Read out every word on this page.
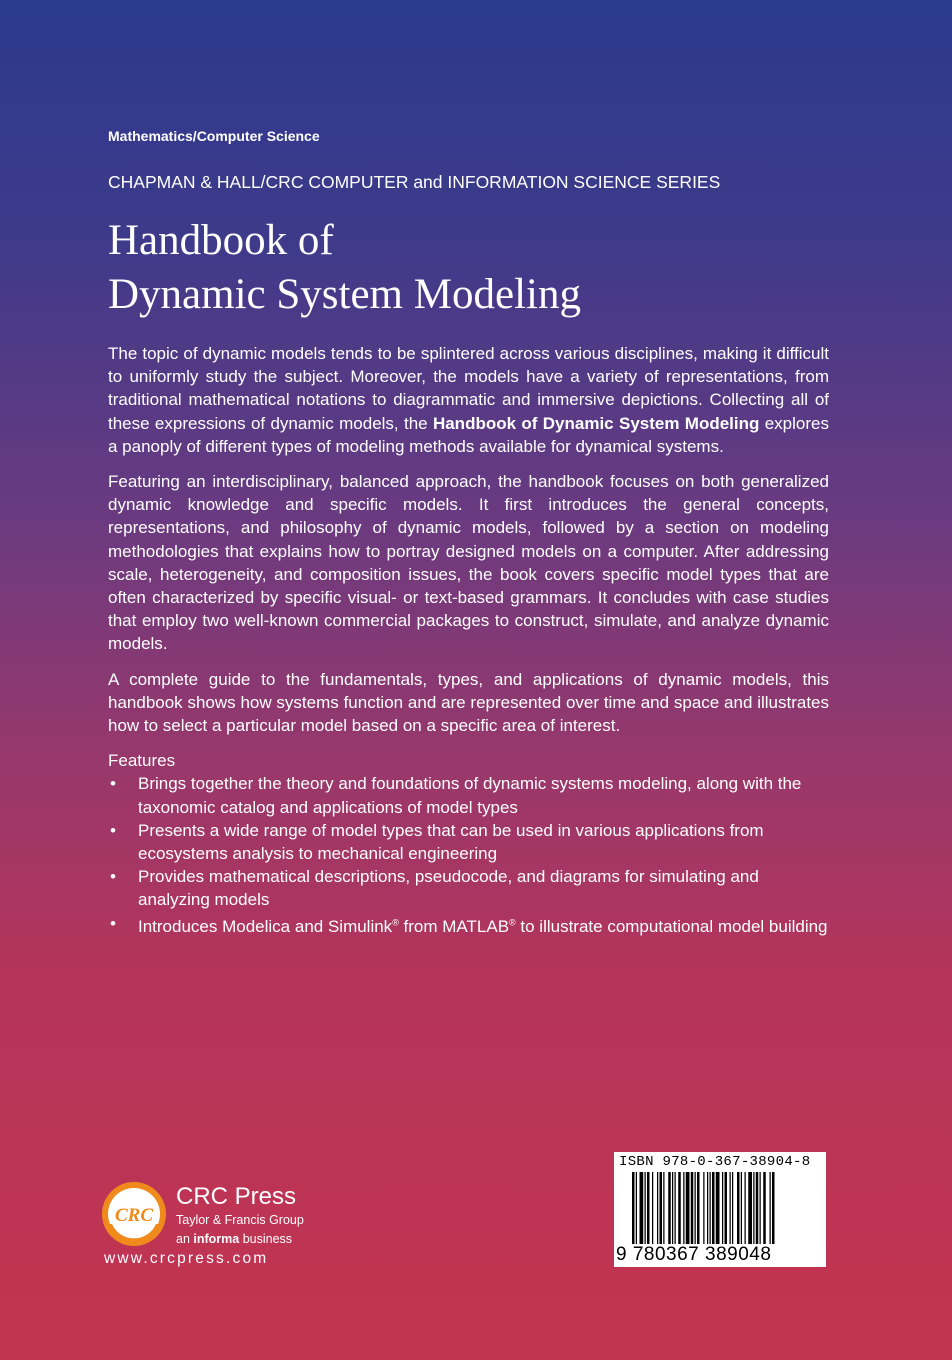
Mathematics/Computer Science
CHAPMAN & HALL/CRC COMPUTER and INFORMATION SCIENCE SERIES
Handbook of
Dynamic System Modeling

The topic of dynamic models tends to be splintered across various disciplines, making it difficult to uniformly study the subject. Moreover, the models have a variety of representations, from traditional mathematical notations to diagrammatic and immersive depictions. Collecting all of these expressions of dynamic models, the Handbook of Dynamic System Modeling explores a panoply of different types of modeling methods available for dynamical systems.

Featuring an interdisciplinary, balanced approach, the handbook focuses on both generalized dynamic knowledge and specific models. It first introduces the general concepts, representations, and philosophy of dynamic models, followed by a section on modeling methodologies that explains how to portray designed models on a computer. After addressing scale, heterogeneity, and composition issues, the book covers specific model types that are often characterized by specific visual- or text-based grammars. It concludes with case studies that employ two well-known commercial packages to construct, simulate, and analyze dynamic models.

A complete guide to the fundamentals, types, and applications of dynamic models, this handbook shows how systems function and are represented over time and space and illustrates how to select a particular model based on a specific area of interest.

Features
• Brings together the theory and foundations of dynamic systems modeling, along with the taxonomic catalog and applications of model types
• Presents a wide range of model types that can be used in various applications from ecosystems analysis to mechanical engineering
• Provides mathematical descriptions, pseudocode, and diagrams for simulating and analyzing models
• Introduces Modelica and Simulink® from MATLAB® to illustrate computational model building
CRC
CRC Press
Taylor & Francis Group
an informa business
www.crcpress.com
ISBN 978-0-367-38904-8
9 780367 389048
